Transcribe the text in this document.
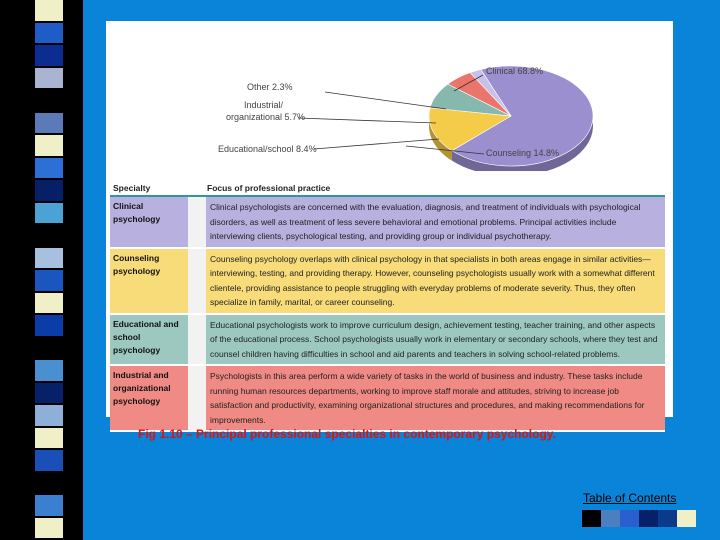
Other 2.3%
Industrial/
organizational 5.7%
Educational/school 8.4%
Clinical 68.8%
Counseling 14.8%
Specialty	Focus of professional practice
Clinical psychology
Clinical psychologists are concerned with the evaluation, diagnosis, and treatment of individuals with psychological disorders, as well as treatment of less severe behavioral and emotional problems. Principal activities include interviewing clients, psychological testing, and providing group or individual psychotherapy.
Counseling psychology
Counseling psychology overlaps with clinical psychology in that specialists in both areas engage in similar activities—interviewing, testing, and providing therapy. However, counseling psychologists usually work with a somewhat different clientele, providing assistance to people struggling with everyday problems of moderate severity. Thus, they often specialize in family, marital, or career counseling.
Educational and school psychology
Educational psychologists work to improve curriculum design, achievement testing, teacher training, and other aspects of the educational process. School psychologists usually work in elementary or secondary schools, where they test and counsel children having difficulties in school and aid parents and teachers in solving school-related problems.
Industrial and organizational psychology
Psychologists in this area perform a wide variety of tasks in the world of business and industry. These tasks include running human resources departments, working to improve staff morale and attitudes, striving to increase job satisfaction and productivity, examining organizational structures and procedures, and making recommendations for improvements.
Fig 1.10 – Principal professional specialties in contemporary psychology.
Table of Contents
